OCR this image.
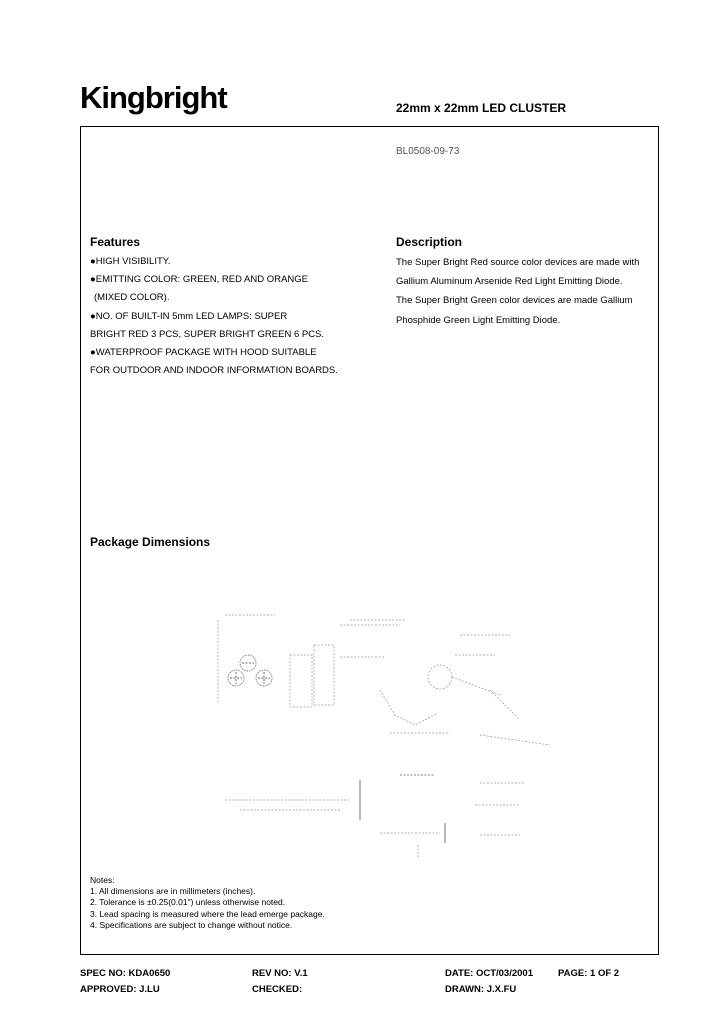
Kingbright	22mm x 22mm LED CLUSTER
BL0508-09-73
Features
●HIGH VISIBILITY.
●EMITTING COLOR: GREEN, RED AND ORANGE
(MIXED COLOR).
●NO. OF BUILT-IN 5mm LED LAMPS: SUPER
BRIGHT RED 3 PCS, SUPER BRIGHT GREEN 6 PCS.
●WATERPROOF PACKAGE WITH HOOD SUITABLE
FOR OUTDOOR AND INDOOR INFORMATION BOARDS.
Description

The Super Bright Red source color devices are made with

Gallium Aluminum Arsenide Red Light Emitting Diode.

The Super Bright Green color devices are made Gallium

Phosphide Green Light Emitting Diode.

Package Dimensions
Notes:
1. All dimensions are in millimeters (inches).
2. Tolerance is ±0.25(0.01") unless otherwise noted.
3. Lead spacing is measured where the lead emerge package.
4. Specifications are subject to change without notice.
SPEC NO: KDA0650	REV NO: V.1	DATE: OCT/03/2001	PAGE: 1 OF 2
APPROVED: J.LU	CHECKED:	DRAWN: J.X.FU
